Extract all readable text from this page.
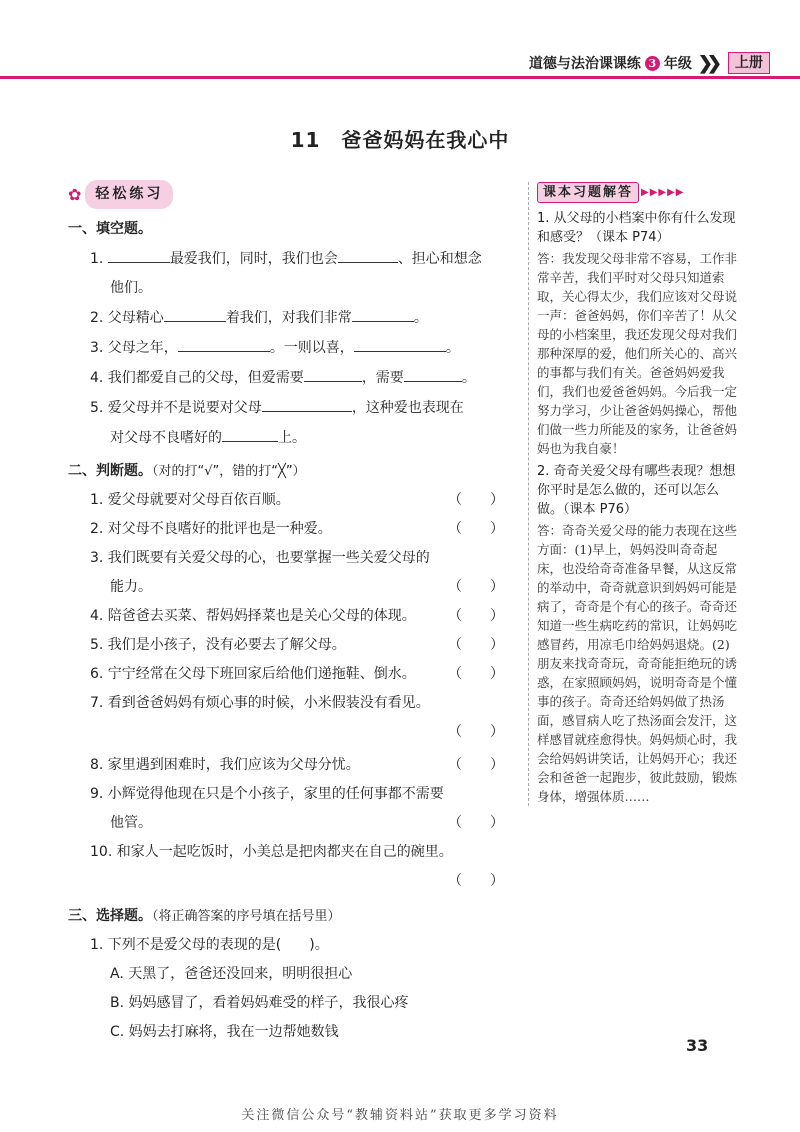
道德与法治课课练 3 年级 ❯❯	上册
11　爸爸妈妈在我心中
✿	轻松练习
一、填空题。
1.	最爱我们，同时，我们也会	、担心和想念
他们。
2. 父母精心	着我们，对我们非常	。
3. 父母之年，	。一则以喜，	。
4. 我们都爱自己的父母，但爱需要	，需要	。
5. 爱父母并不是说要对父母	，这种爱也表现在
对父母不良嗜好的	上。
二、判断题。（对的打“√”，错的打“╳”）
1. 爱父母就要对父母百依百顺。	（　　）
2. 对父母不良嗜好的批评也是一种爱。	（　　）
3. 我们既要有关爱父母的心，也要掌握一些关爱父母的
能力。	（　　）
4. 陪爸爸去买菜、帮妈妈择菜也是关心父母的体现。 （　　）
5. 我们是小孩子，没有必要去了解父母。	（　　）
6. 宁宁经常在父母下班回家后给他们递拖鞋、倒水。 （　　）
7. 看到爸爸妈妈有烦心事的时候，小米假装没有看见。
（　　）
8. 家里遇到困难时，我们应该为父母分忧。	（　　）
9. 小辉觉得他现在只是个小孩子，家里的任何事都不需要
他管。	（　　）
10. 和家人一起吃饭时，小美总是把肉都夹在自己的碗里。
（　　）
三、选择题。（将正确答案的序号填在括号里）
1. 下列不是爱父母的表现的是(　　)。
A. 天黑了，爸爸还没回来，明明很担心
B. 妈妈感冒了，看着妈妈难受的样子，我很心疼
C. 妈妈去打麻将，我在一边帮她数钱
课本习题解答 ▶▶▶▶▶
1. 从父母的小档案中你有什么发现和感受？（课本 P74）
答：我发现父母非常不容易，工作非常辛苦，我们平时对父母只知道索取，关心得太少，我们应该对父母说一声：爸爸妈妈，你们辛苦了！从父母的小档案里，我还发现父母对我们那种深厚的爱，他们所关心的、高兴的事都与我们有关。爸爸妈妈爱我们，我们也爱爸爸妈妈。今后我一定努力学习，少让爸爸妈妈操心，帮他们做一些力所能及的家务，让爸爸妈妈也为我自豪！
2. 奇奇关爱父母有哪些表现？想想你平时是怎么做的，还可以怎么做。（课本 P76）
答：奇奇关爱父母的能力表现在这些方面：(1)早上，妈妈没叫奇奇起床，也没给奇奇准备早餐，从这反常的举动中，奇奇就意识到妈妈可能是病了，奇奇是个有心的孩子。奇奇还知道一些生病吃药的常识，让妈妈吃感冒药，用凉毛巾给妈妈退烧。(2)朋友来找奇奇玩，奇奇能拒绝玩的诱惑，在家照顾妈妈，说明奇奇是个懂事的孩子。奇奇还给妈妈做了热汤面，感冒病人吃了热汤面会发汗，这样感冒就痊愈得快。妈妈烦心时，我会给妈妈讲笑话，让妈妈开心；我还会和爸爸一起跑步，彼此鼓励，锻炼身体，增强体质……
33
关注微信公众号“教辅资料站”获取更多学习资料
